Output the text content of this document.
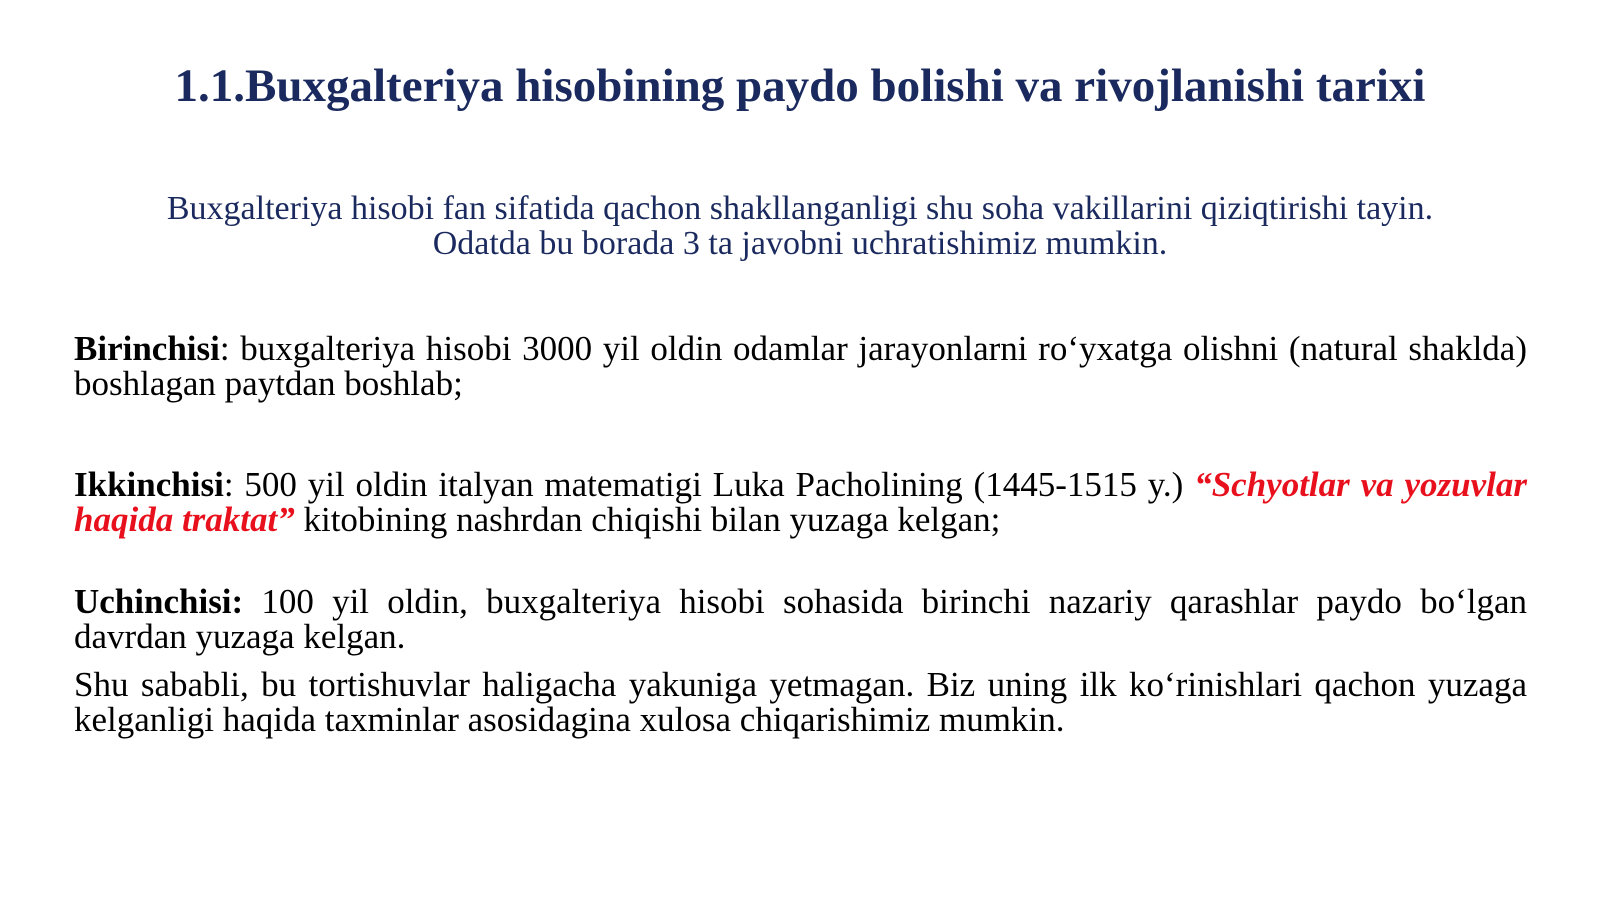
1.1.Buxgalteriya hisobining paydo bolishi va rivojlanishi tarixi
Buxgalteriya hisobi fan sifatida qachon shakllanganligi shu soha vakillarini qiziqtirishi tayin. Odatda bu borada 3 ta javobni uchratishimiz mumkin.
Birinchisi: buxgalteriya hisobi 3000 yil oldin odamlar jarayonlarni ro‘yxatga olishni (natural shaklda) boshlagan paytdan boshlab;
Ikkinchisi: 500 yil oldin italyan matematigi Luka Pacholining (1445-1515 y.) “Schyotlar va yozuvlar haqida traktat” kitobining nashrdan chiqishi bilan yuzaga kelgan;
Uchinchisi: 100 yil oldin, buxgalteriya hisobi sohasida birinchi nazariy qarashlar paydo bo‘lgan davrdan yuzaga kelgan.
Shu sababli, bu tortishuvlar haligacha yakuniga yetmagan. Biz uning ilk ko‘rinishlari qachon yuzaga kelganligi haqida taxminlar asosidagina xulosa chiqarishimiz mumkin.
